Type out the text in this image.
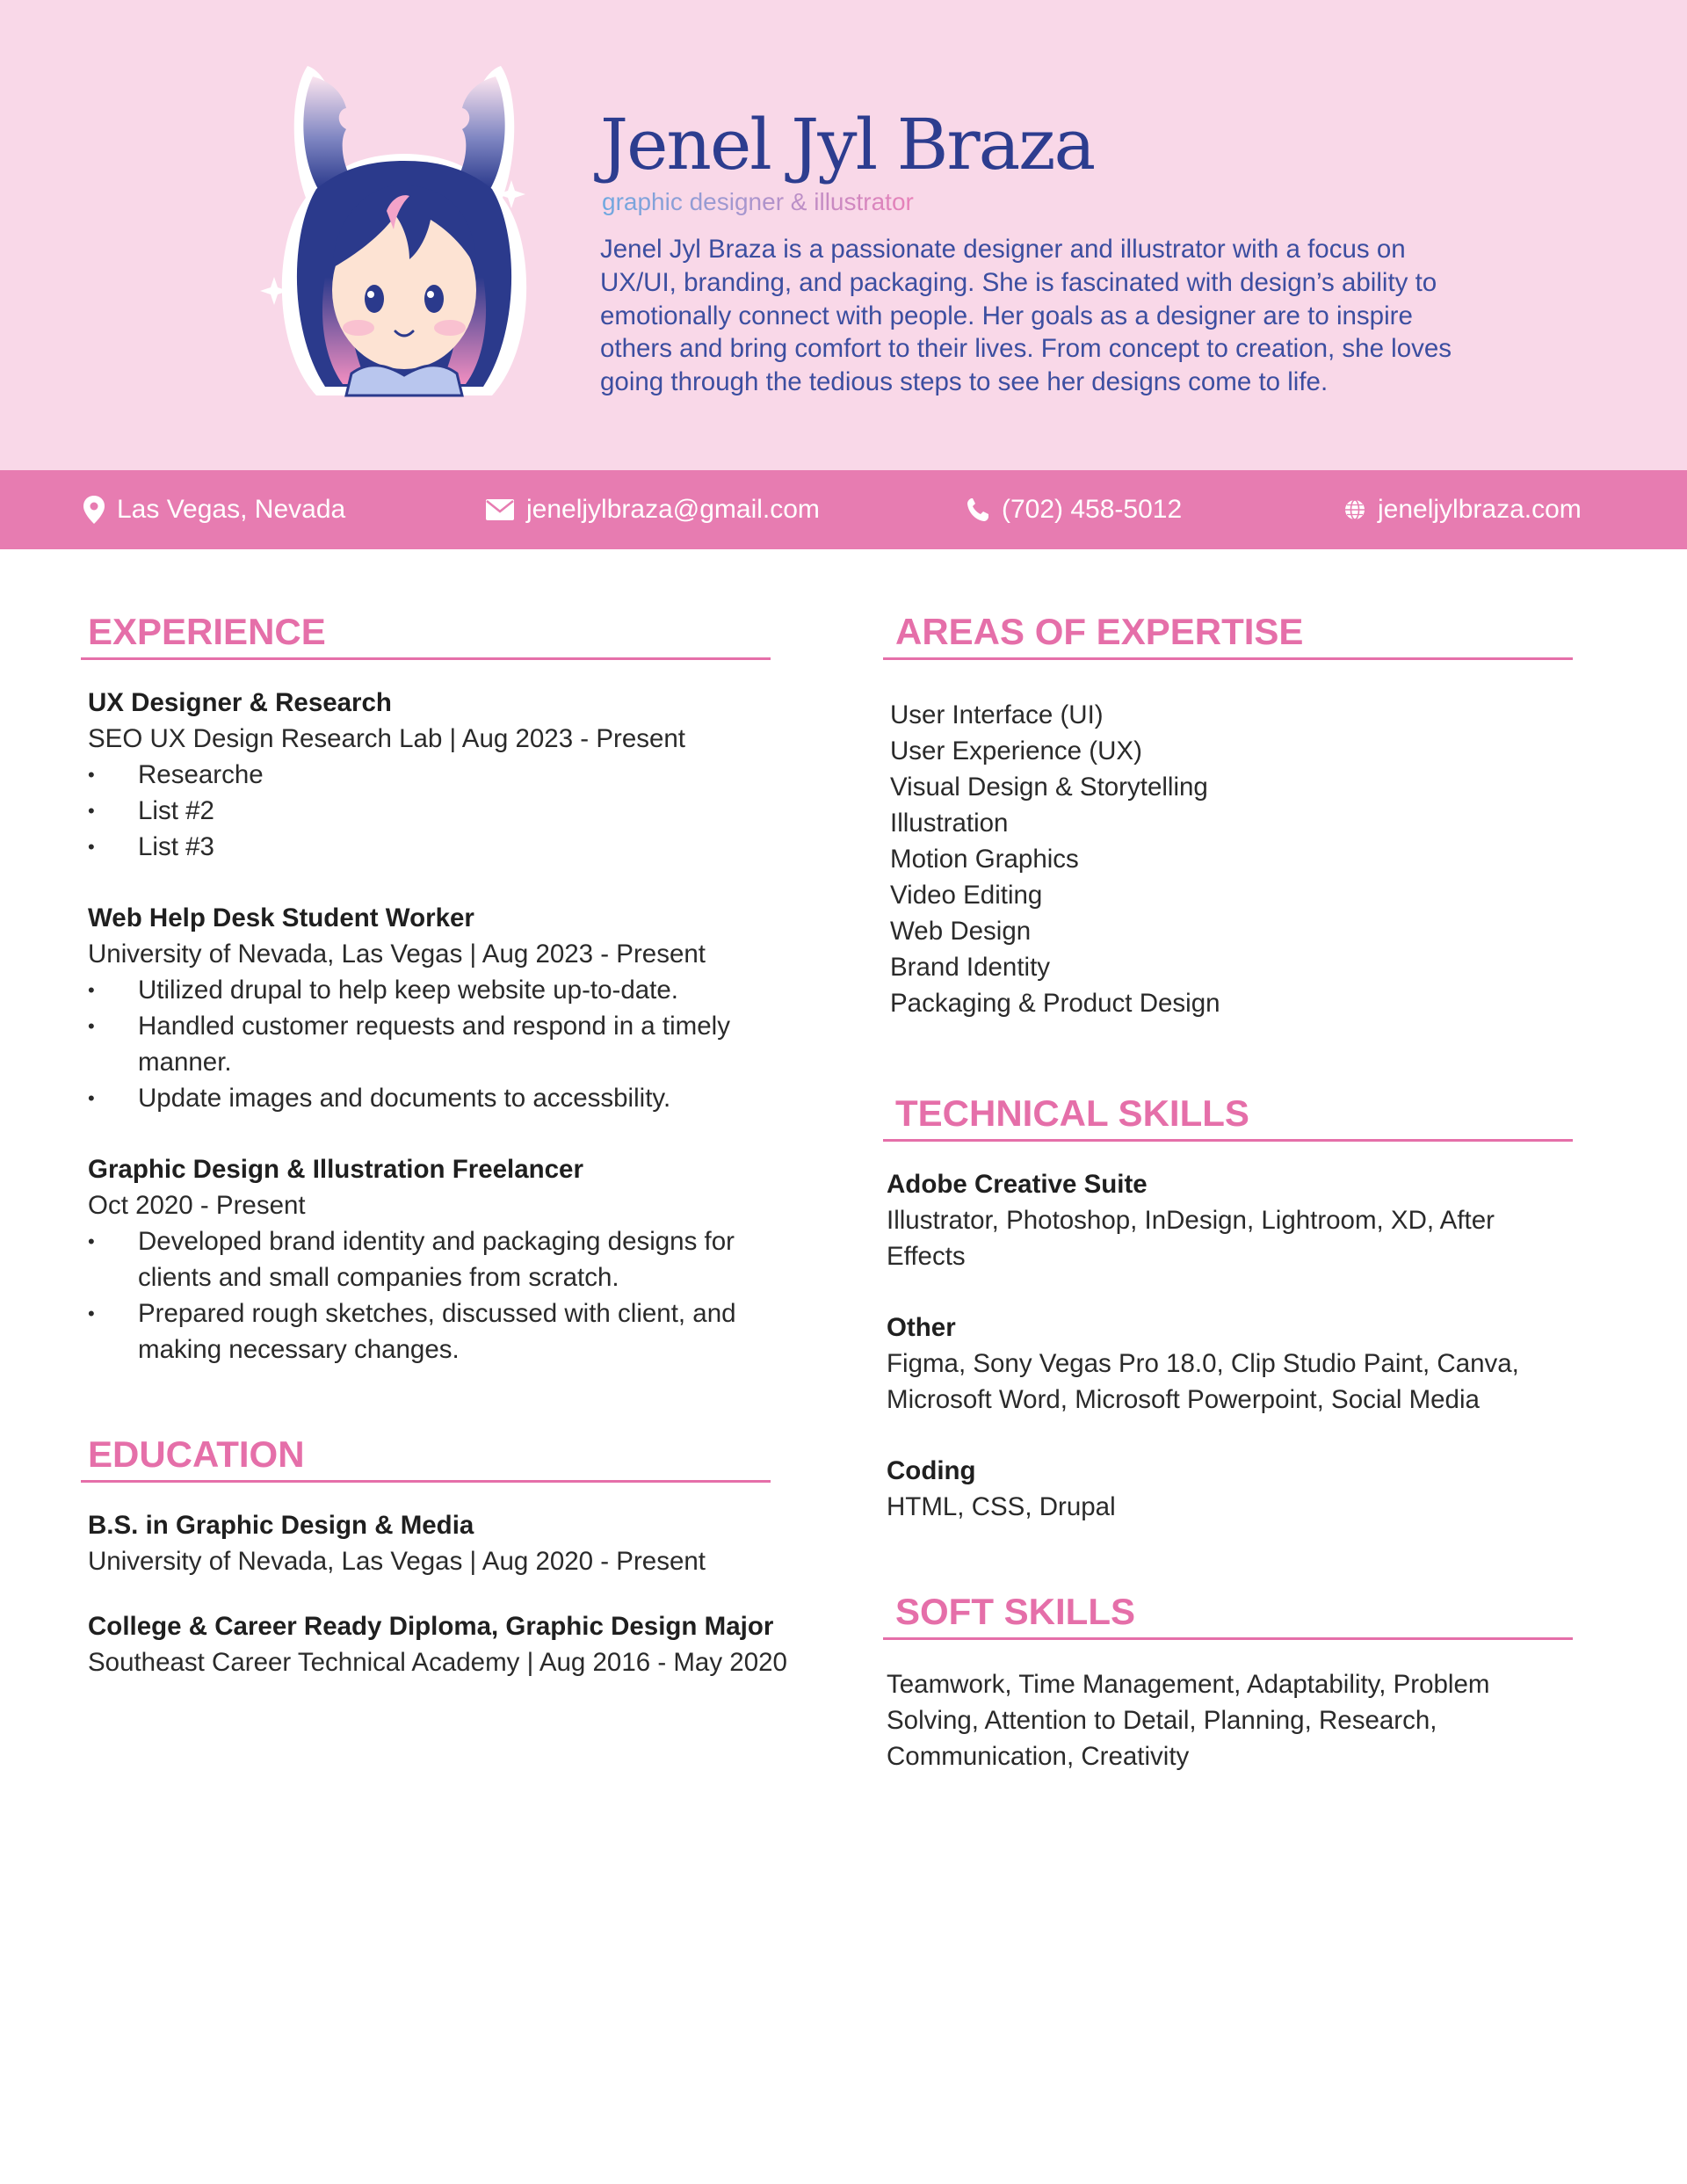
Jenel Jyl Braza
graphic designer & illustrator
Jenel Jyl Braza is a passionate designer and illustrator with a focus on UX/UI, branding, and packaging. She is fascinated with design’s ability to emotionally connect with people. Her goals as a designer are to inspire others and bring comfort to their lives. From concept to creation, she loves going through the tedious steps to see her designs come to life.
Las Vegas, Nevada	jeneljylbraza@gmail.com	(702) 458-5012	jeneljylbraza.com
EXPERIENCE
UX Designer & Research
SEO UX Design Research Lab | Aug 2023 - Present
• Researche
• List #2
• List #3
Web Help Desk Student Worker
University of Nevada, Las Vegas | Aug 2023 - Present
• Utilized drupal to help keep website up-to-date.
• Handled customer requests and respond in a timely manner.
• Update images and documents to accessbility.
Graphic Design & Illustration Freelancer
Oct 2020 - Present
• Developed brand identity and packaging designs for clients and small companies from scratch.
• Prepared rough sketches, discussed with client, and making necessary changes.
EDUCATION
B.S. in Graphic Design & Media
University of Nevada, Las Vegas | Aug 2020 - Present
College & Career Ready Diploma, Graphic Design Major
Southeast Career Technical Academy | Aug 2016 - May 2020
AREAS OF EXPERTISE
User Interface (UI)
User Experience (UX)
Visual Design & Storytelling
Illustration
Motion Graphics
Video Editing
Web Design
Brand Identity
Packaging & Product Design
TECHNICAL SKILLS
Adobe Creative Suite
Illustrator, Photoshop, InDesign, Lightroom, XD, After Effects
Other
Figma, Sony Vegas Pro 18.0, Clip Studio Paint, Canva, Microsoft Word, Microsoft Powerpoint, Social Media
Coding
HTML, CSS, Drupal
SOFT SKILLS
Teamwork, Time Management, Adaptability, Problem Solving, Attention to Detail, Planning, Research, Communication, Creativity
